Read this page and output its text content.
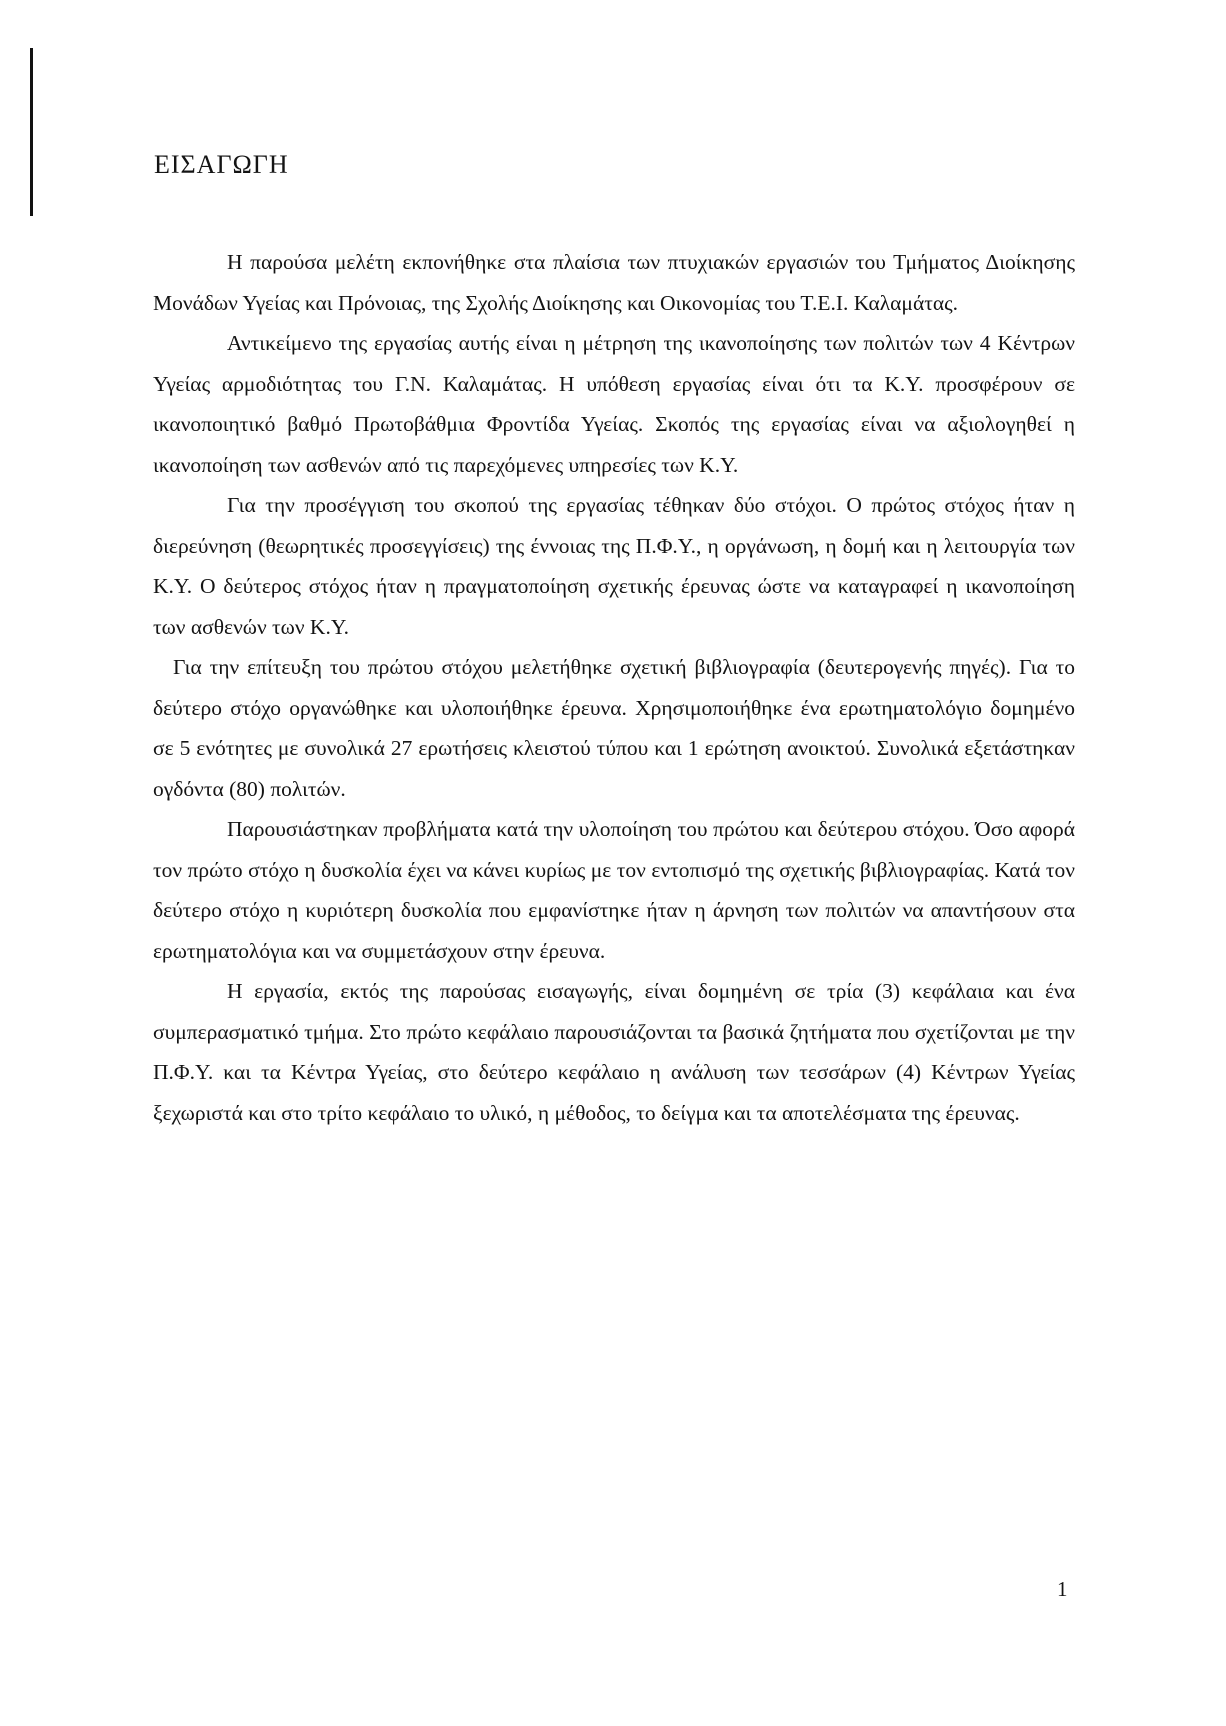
ΕΙΣΑΓΩΓΗ

Η παρούσα μελέτη εκπονήθηκε στα πλαίσια των πτυχιακών εργασιών του Τμήματος Διοίκησης Μονάδων Υγείας και Πρόνοιας, της Σχολής Διοίκησης και Οικονομίας του Τ.Ε.Ι. Καλαμάτας.

Αντικείμενο της εργασίας αυτής είναι η μέτρηση της ικανοποίησης των πολιτών των 4 Κέντρων Υγείας αρμοδιότητας του Γ.Ν. Καλαμάτας. Η υπόθεση εργασίας είναι ότι τα Κ.Υ. προσφέρουν σε ικανοποιητικό βαθμό Πρωτοβάθμια Φροντίδα Υγείας. Σκοπός της εργασίας είναι να αξιολογηθεί η ικανοποίηση των ασθενών από τις παρεχόμενες υπηρεσίες των Κ.Υ.

Για την προσέγγιση του σκοπού της εργασίας τέθηκαν δύο στόχοι. Ο πρώτος στόχος ήταν η διερεύνηση (θεωρητικές προσεγγίσεις) της έννοιας της Π.Φ.Υ., η οργάνωση, η δομή και η λειτουργία των Κ.Υ. Ο δεύτερος στόχος ήταν η πραγματοποίηση σχετικής έρευνας ώστε να καταγραφεί η ικανοποίηση των ασθενών των Κ.Υ.

Για την επίτευξη του πρώτου στόχου μελετήθηκε σχετική βιβλιογραφία (δευτερογενής πηγές). Για το δεύτερο στόχο οργανώθηκε και υλοποιήθηκε έρευνα. Χρησιμοποιήθηκε ένα ερωτηματολόγιο δομημένο σε 5 ενότητες με συνολικά 27 ερωτήσεις κλειστού τύπου και 1 ερώτηση ανοικτού. Συνολικά εξετάστηκαν ογδόντα (80) πολιτών.

Παρουσιάστηκαν προβλήματα κατά την υλοποίηση του πρώτου και δεύτερου στόχου. Όσο αφορά τον πρώτο στόχο η δυσκολία έχει να κάνει κυρίως με τον εντοπισμό της σχετικής βιβλιογραφίας. Κατά τον δεύτερο στόχο η κυριότερη δυσκολία που εμφανίστηκε ήταν η άρνηση των πολιτών να απαντήσουν στα ερωτηματολόγια και να συμμετάσχουν στην έρευνα.

Η εργασία, εκτός της παρούσας εισαγωγής, είναι δομημένη σε τρία (3) κεφάλαια και ένα συμπερασματικό τμήμα. Στο πρώτο κεφάλαιο παρουσιάζονται τα βασικά ζητήματα που σχετίζονται με την Π.Φ.Υ. και τα Κέντρα Υγείας, στο δεύτερο κεφάλαιο η ανάλυση των τεσσάρων (4) Κέντρων Υγείας ξεχωριστά και στο τρίτο κεφάλαιο το υλικό, η μέθοδος, το δείγμα και τα αποτελέσματα της έρευνας.

1
